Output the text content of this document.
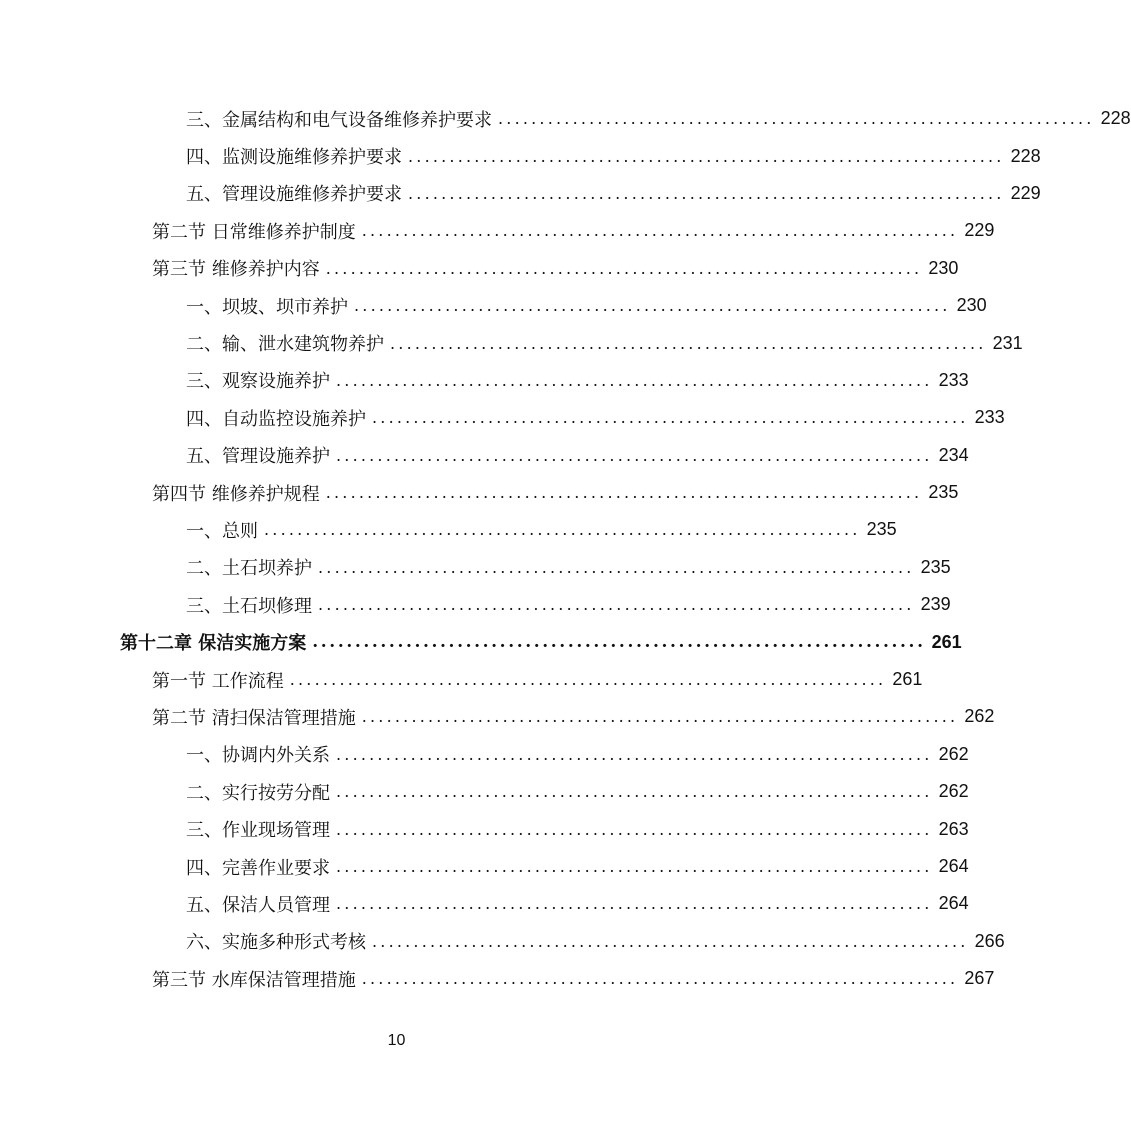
三、金属结构和电气设备维修养护要求 ........................................................................ 228
四、监测设施维修养护要求 ........................................................................ 228
五、管理设施维修养护要求 ........................................................................ 229
第二节 日常维修养护制度 ........................................................................ 229
第三节 维修养护内容 ........................................................................ 230
一、坝坡、坝市养护 ........................................................................ 230
二、输、泄水建筑物养护 ........................................................................ 231
三、观察设施养护 ........................................................................ 233
四、自动监控设施养护 ........................................................................ 233
五、管理设施养护 ........................................................................ 234
第四节 维修养护规程 ........................................................................ 235
一、总则 ........................................................................ 235
二、土石坝养护 ........................................................................ 235
三、土石坝修理 ........................................................................ 239
第十二章 保洁实施方案 ........................................................................ 261
第一节 工作流程 ........................................................................ 261
第二节 清扫保洁管理措施 ........................................................................ 262
一、协调内外关系 ........................................................................ 262
二、实行按劳分配 ........................................................................ 262
三、作业现场管理 ........................................................................ 263
四、完善作业要求 ........................................................................ 264
五、保洁人员管理 ........................................................................ 264
六、实施多种形式考核 ........................................................................ 266
第三节 水库保洁管理措施 ........................................................................ 267
10
